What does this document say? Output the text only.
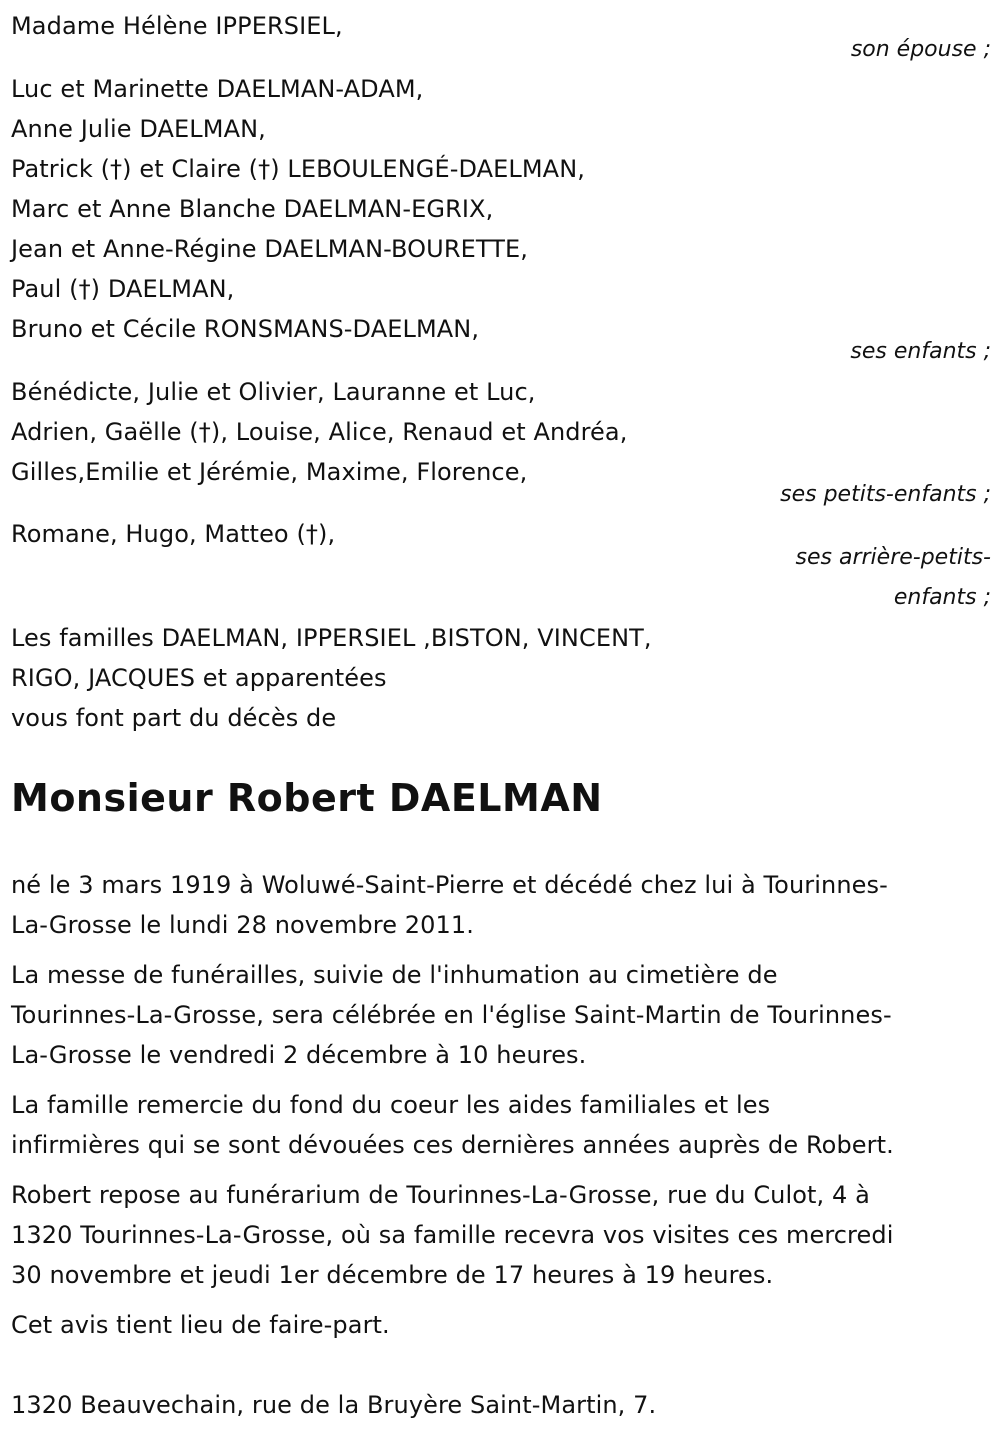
Madame Hélène IPPERSIEL,
son épouse ;
Luc et Marinette DAELMAN-ADAM,
Anne Julie DAELMAN,
Patrick (†) et Claire (†) LEBOULENGÉ-DAELMAN,
Marc et Anne Blanche DAELMAN-EGRIX,
Jean et Anne-Régine DAELMAN-BOURETTE,
Paul (†) DAELMAN,
Bruno et Cécile RONSMANS-DAELMAN,
ses enfants ;
Bénédicte, Julie et Olivier, Lauranne et Luc,
Adrien, Gaëlle (†), Louise, Alice, Renaud et Andréa,
Gilles,Emilie et Jérémie, Maxime, Florence,
ses petits-enfants ;
Romane, Hugo, Matteo (†),
ses arrière-petits-
enfants ;
Les familles DAELMAN, IPPERSIEL ,BISTON, VINCENT,
RIGO, JACQUES et apparentées
vous font part du décès de
Monsieur Robert DAELMAN
né le 3 mars 1919 à Woluwé-Saint-Pierre et décédé chez lui à Tourinnes-
La-Grosse le lundi 28 novembre 2011.
La messe de funérailles, suivie de l'inhumation au cimetière de
Tourinnes-La-Grosse, sera célébrée en l'église Saint-Martin de Tourinnes-
La-Grosse le vendredi 2 décembre à 10 heures.
La famille remercie du fond du coeur les aides familiales et les
infirmières qui se sont dévouées ces dernières années auprès de Robert.
Robert repose au funérarium de Tourinnes-La-Grosse, rue du Culot, 4 à
1320 Tourinnes-La-Grosse, où sa famille recevra vos visites ces mercredi
30 novembre et jeudi 1er décembre de 17 heures à 19 heures.
Cet avis tient lieu de faire-part.
1320 Beauvechain, rue de la Bruyère Saint-Martin, 7.
